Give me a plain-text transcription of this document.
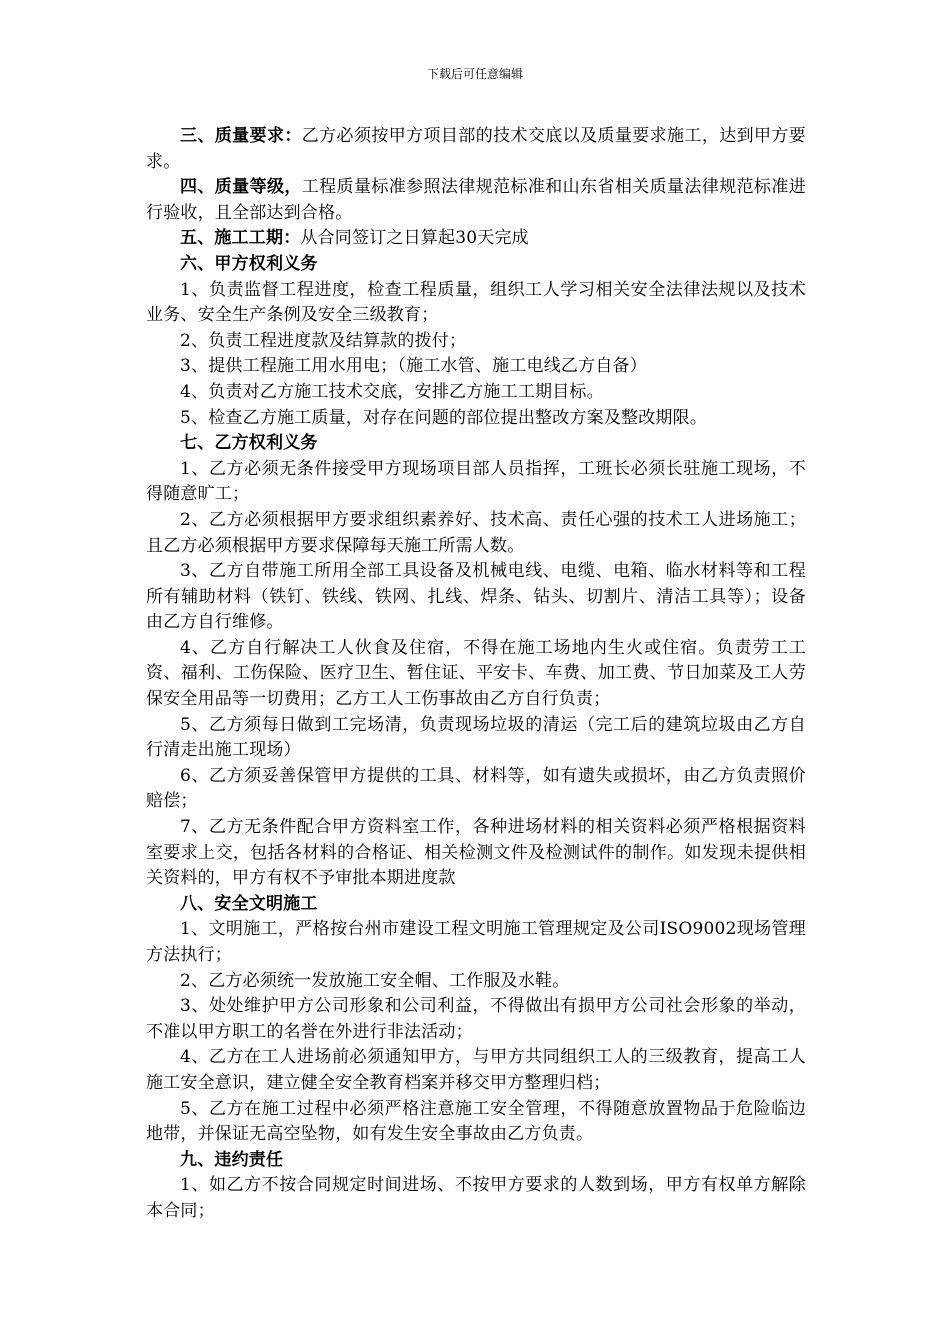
下载后可任意编辑

三、质量要求：乙方必须按甲方项目部的技术交底以及质量要求施工，达到甲方要求。

四、质量等级，工程质量标准参照法律规范标准和山东省相关质量法律规范标准进行验收，且全部达到合格。

五、施工工期：从合同签订之日算起30天完成

六、甲方权利义务

1、负责监督工程进度，检查工程质量，组织工人学习相关安全法律法规以及技术业务、安全生产条例及安全三级教育；

2、负责工程进度款及结算款的拨付；

3、提供工程施工用水用电；（施工水管、施工电线乙方自备）

4、负责对乙方施工技术交底，安排乙方施工工期目标。

5、检查乙方施工质量，对存在问题的部位提出整改方案及整改期限。

七、乙方权利义务

1、乙方必须无条件接受甲方现场项目部人员指挥，工班长必须长驻施工现场，不得随意旷工；

2、乙方必须根据甲方要求组织素养好、技术高、责任心强的技术工人进场施工；且乙方必须根据甲方要求保障每天施工所需人数。

3、乙方自带施工所用全部工具设备及机械电线、电缆、电箱、临水材料等和工程所有辅助材料（铁钉、铁线、铁网、扎线、焊条、钻头、切割片、清洁工具等）；设备由乙方自行维修。

4、乙方自行解决工人伙食及住宿，不得在施工场地内生火或住宿。负责劳工工资、福利、工伤保险、医疗卫生、暂住证、平安卡、车费、加工费、节日加菜及工人劳保安全用品等一切费用；乙方工人工伤事故由乙方自行负责；

5、乙方须每日做到工完场清，负责现场垃圾的清运（完工后的建筑垃圾由乙方自行清走出施工现场）

6、乙方须妥善保管甲方提供的工具、材料等，如有遗失或损坏，由乙方负责照价赔偿；

7、乙方无条件配合甲方资料室工作，各种进场材料的相关资料必须严格根据资料室要求上交，包括各材料的合格证、相关检测文件及检测试件的制作。如发现未提供相关资料的，甲方有权不予审批本期进度款

八、安全文明施工

1、文明施工，严格按台州市建设工程文明施工管理规定及公司ISO9002现场管理方法执行；

2、乙方必须统一发放施工安全帽、工作服及水鞋。

3、处处维护甲方公司形象和公司利益，不得做出有损甲方公司社会形象的举动，不准以甲方职工的名誉在外进行非法活动；

4、乙方在工人进场前必须通知甲方，与甲方共同组织工人的三级教育，提高工人施工安全意识，建立健全安全教育档案并移交甲方整理归档；

5、乙方在施工过程中必须严格注意施工安全管理，不得随意放置物品于危险临边地带，并保证无高空坠物，如有发生安全事故由乙方负责。

九、违约责任

1、如乙方不按合同规定时间进场、不按甲方要求的人数到场，甲方有权单方解除本合同；
